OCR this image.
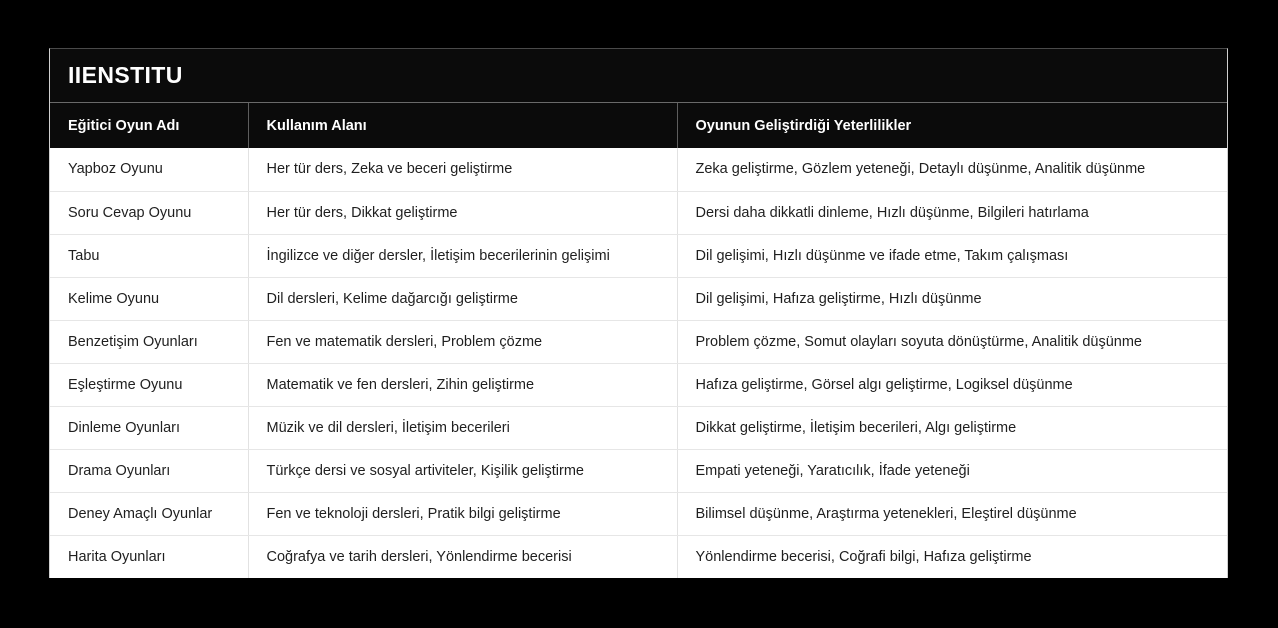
IIENSTITU
Eğitici Oyun Adı	Kullanım Alanı	Oyunun Geliştirdiği Yeterlilikler
Yapboz Oyunu	Her tür ders, Zeka ve beceri geliştirme	Zeka geliştirme, Gözlem yeteneği, Detaylı düşünme, Analitik düşünme
Soru Cevap Oyunu	Her tür ders, Dikkat geliştirme	Dersi daha dikkatli dinleme, Hızlı düşünme, Bilgileri hatırlama
Tabu	İngilizce ve diğer dersler, İletişim becerilerinin gelişimi	Dil gelişimi, Hızlı düşünme ve ifade etme, Takım çalışması
Kelime Oyunu	Dil dersleri, Kelime dağarcığı geliştirme	Dil gelişimi, Hafıza geliştirme, Hızlı düşünme
Benzetişim Oyunları	Fen ve matematik dersleri, Problem çözme	Problem çözme, Somut olayları soyuta dönüştürme, Analitik düşünme
Eşleştirme Oyunu	Matematik ve fen dersleri, Zihin geliştirme	Hafıza geliştirme, Görsel algı geliştirme, Logiksel düşünme
Dinleme Oyunları	Müzik ve dil dersleri, İletişim becerileri	Dikkat geliştirme, İletişim becerileri, Algı geliştirme
Drama Oyunları	Türkçe dersi ve sosyal artiviteler, Kişilik geliştirme	Empati yeteneği, Yaratıcılık, İfade yeteneği
Deney Amaçlı Oyunlar	Fen ve teknoloji dersleri, Pratik bilgi geliştirme	Bilimsel düşünme, Araştırma yetenekleri, Eleştirel düşünme
Harita Oyunları	Coğrafya ve tarih dersleri, Yönlendirme becerisi	Yönlendirme becerisi, Coğrafi bilgi, Hafıza geliştirme
